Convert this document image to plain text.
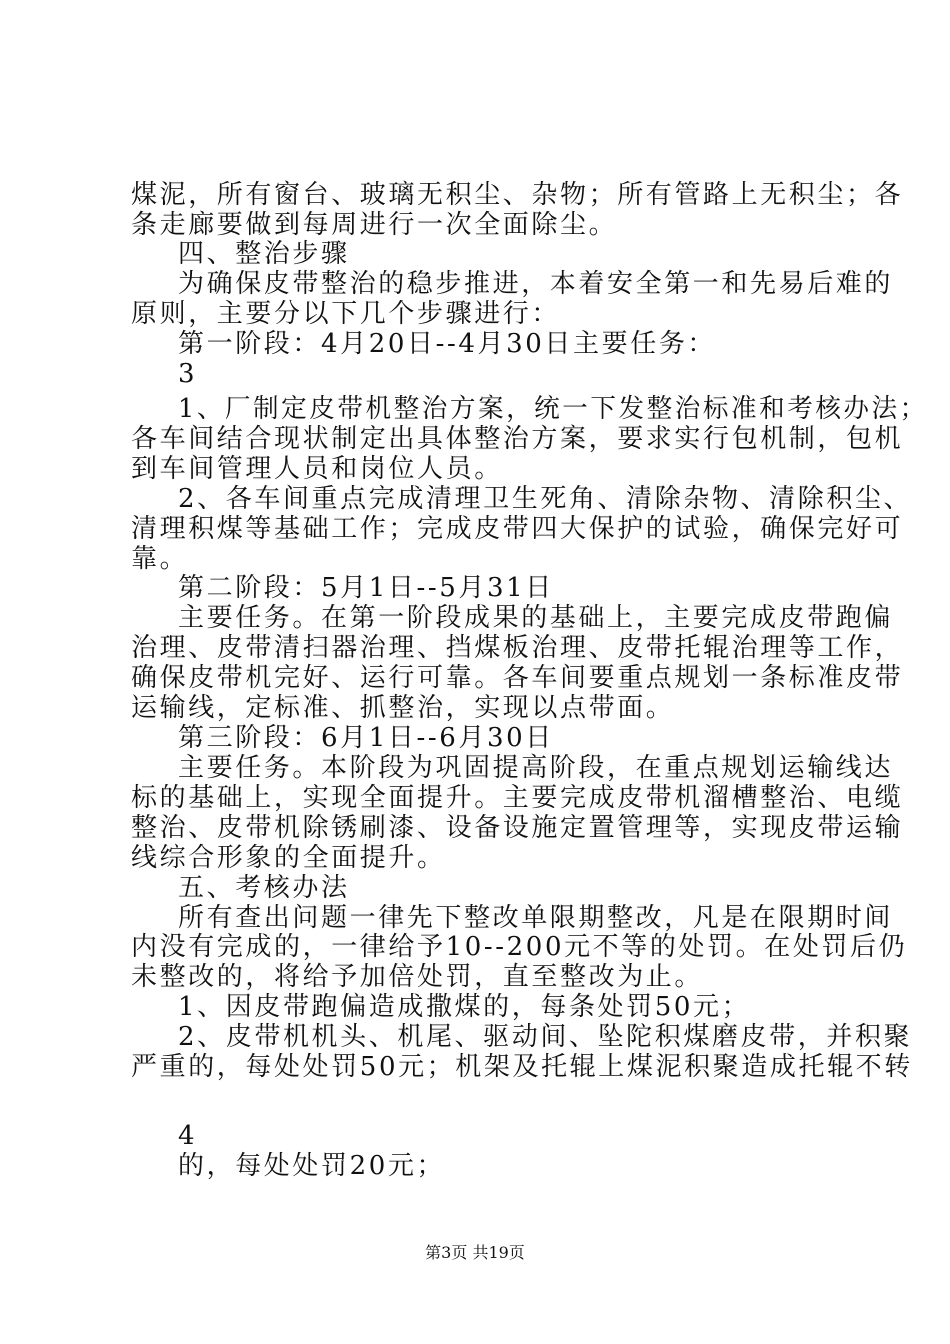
煤泥，所有窗台、玻璃无积尘、杂物；所有管路上无积尘；各
条走廊要做到每周进行一次全面除尘。
四、整治步骤
为确保皮带整治的稳步推进，本着安全第一和先易后难的
原则，主要分以下几个步骤进行：
第一阶段：4月20日--4月30日主要任务：
3
1、厂制定皮带机整治方案，统一下发整治标准和考核办法；
各车间结合现状制定出具体整治方案，要求实行包机制，包机
到车间管理人员和岗位人员。
2、各车间重点完成清理卫生死角、清除杂物、清除积尘、
清理积煤等基础工作；完成皮带四大保护的试验，确保完好可
靠。
第二阶段：5月1日--5月31日
主要任务。在第一阶段成果的基础上，主要完成皮带跑偏
治理、皮带清扫器治理、挡煤板治理、皮带托辊治理等工作，
确保皮带机完好、运行可靠。各车间要重点规划一条标准皮带
运输线，定标准、抓整治，实现以点带面。
第三阶段：6月1日--6月30日
主要任务。本阶段为巩固提高阶段，在重点规划运输线达
标的基础上，实现全面提升。主要完成皮带机溜槽整治、电缆
整治、皮带机除锈刷漆、设备设施定置管理等，实现皮带运输
线综合形象的全面提升。
五、考核办法
所有查出问题一律先下整改单限期整改，凡是在限期时间
内没有完成的，一律给予10--200元不等的处罚。在处罚后仍
未整改的，将给予加倍处罚，直至整改为止。
1、因皮带跑偏造成撒煤的，每条处罚50元；
2、皮带机机头、机尾、驱动间、坠陀积煤磨皮带，并积聚
严重的，每处处罚50元；机架及托辊上煤泥积聚造成托辊不转
4
的，每处处罚20元；
第3页 共19页
